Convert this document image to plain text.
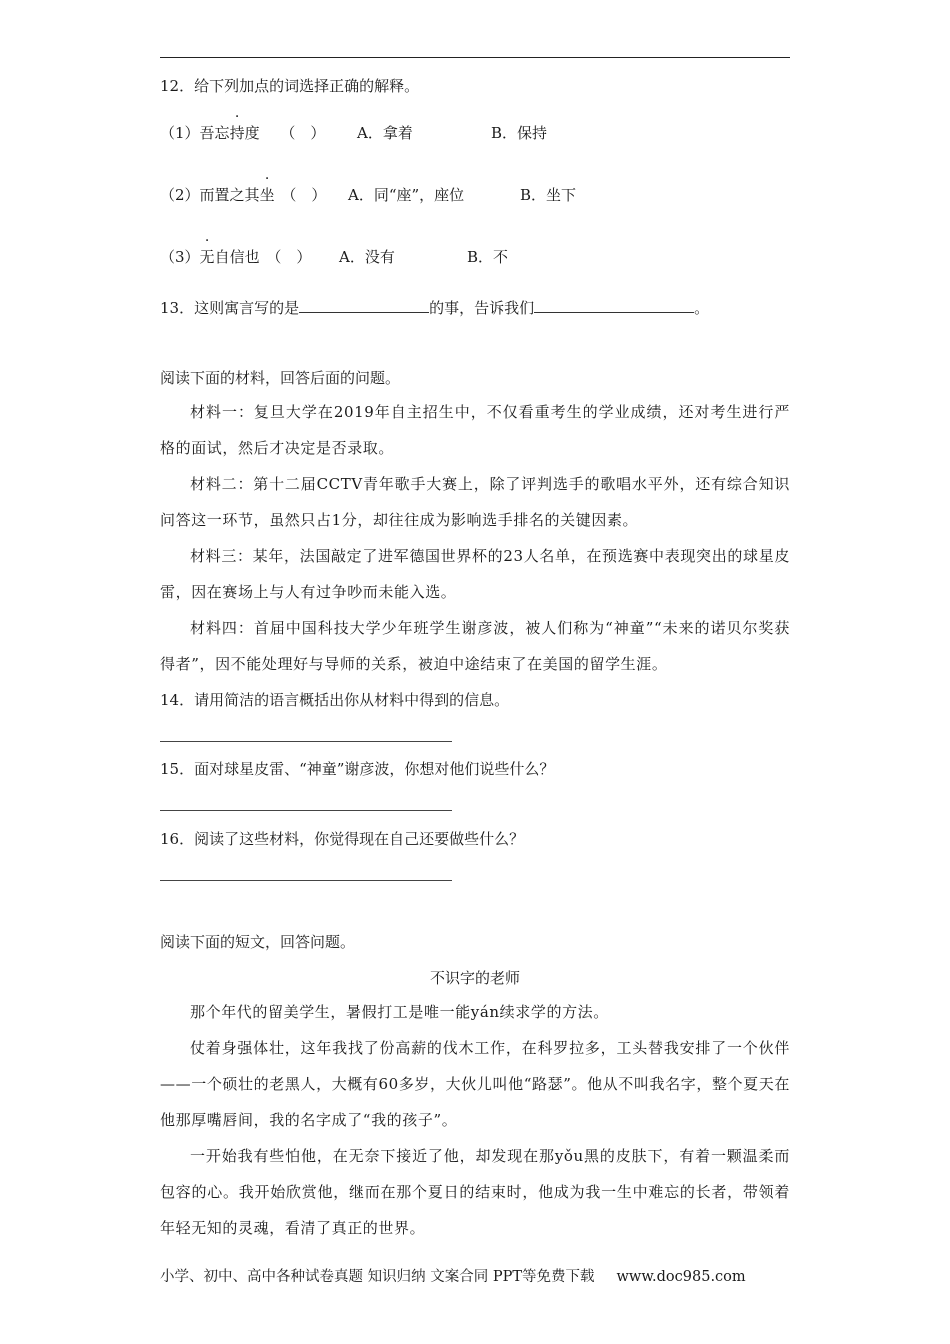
12．给下列加点的词选择正确的解释。
（1）吾忘持度 （　） A．拿着	B．保持
（2）而置之其坐 （　） A．同“座”，座位	B．坐下
（3）无自信也 （　） A．没有	B．不
13．这则寓言写的是	的事，告诉我们	。
阅读下面的材料，回答后面的问题。
材料一：复旦大学在2019年自主招生中，不仅看重考生的学业成绩，还对考生进行严格的面试，然后才决定是否录取。
材料二：第十二届CCTV青年歌手大赛上，除了评判选手的歌唱水平外，还有综合知识问答这一环节，虽然只占1分，却往往成为影响选手排名的关键因素。
材料三：某年，法国敲定了进军德国世界杯的23人名单，在预选赛中表现突出的球星皮雷，因在赛场上与人有过争吵而未能入选。
材料四：首届中国科技大学少年班学生谢彦波，被人们称为“神童”“未来的诺贝尔奖获得者”，因不能处理好与导师的关系，被迫中途结束了在美国的留学生涯。
14．请用简洁的语言概括出你从材料中得到的信息。
15．面对球星皮雷、“神童”谢彦波，你想对他们说些什么？
16．阅读了这些材料，你觉得现在自己还要做些什么？
阅读下面的短文，回答问题。
不识字的老师
那个年代的留美学生，暑假打工是唯一能yán续求学的方法。
仗着身强体壮，这年我找了份高薪的伐木工作，在科罗拉多，工头替我安排了一个伙伴——一个硕壮的老黑人，大概有60多岁，大伙儿叫他“路瑟”。他从不叫我名字，整个夏天在他那厚嘴唇间，我的名字成了“我的孩子”。
一开始我有些怕他，在无奈下接近了他，却发现在那yǒu黑的皮肤下，有着一颗温柔而包容的心。我开始欣赏他，继而在那个夏日的结束时，他成为我一生中难忘的长者，带领着年轻无知的灵魂，看清了真正的世界。
小学、初中、高中各种试卷真题 知识归纳 文案合同 PPT等免费下载 www.doc985.com
